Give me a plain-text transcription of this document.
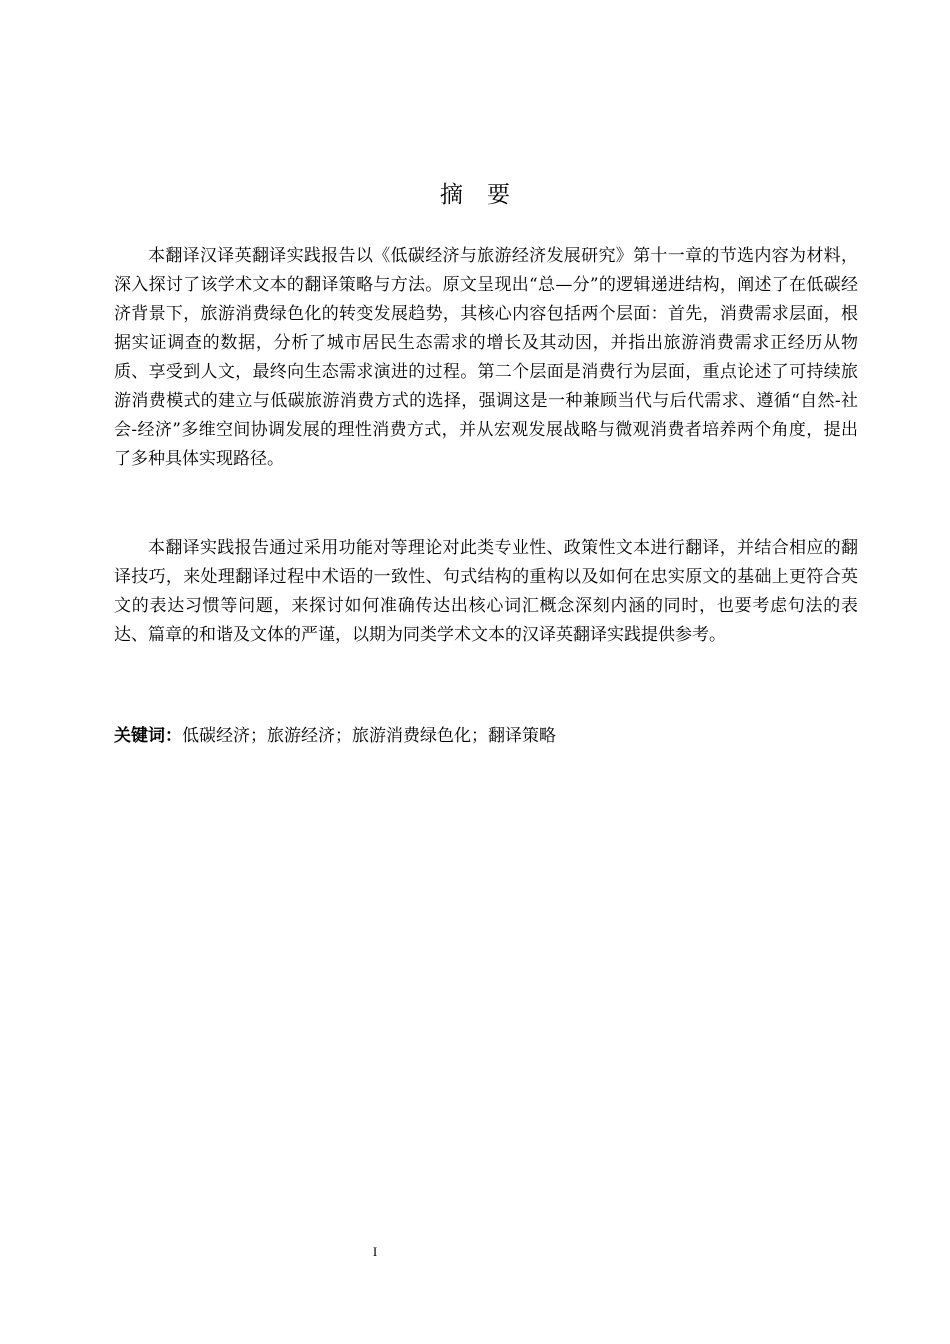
摘要

本翻译汉译英翻译实践报告以《低碳经济与旅游经济发展研究》第十一章的节选内容为材料，深入探讨了该学术文本的翻译策略与方法。原文呈现出“总—分”的逻辑递进结构，阐述了在低碳经济背景下，旅游消费绿色化的转变发展趋势，其核心内容包括两个层面：首先，消费需求层面，根据实证调查的数据，分析了城市居民生态需求的增长及其动因，并指出旅游消费需求正经历从物质、享受到人文，最终向生态需求演进的过程。第二个层面是消费行为层面，重点论述了可持续旅游消费模式的建立与低碳旅游消费方式的选择，强调这是一种兼顾当代与后代需求、遵循“自然-社会-经济”多维空间协调发展的理性消费方式，并从宏观发展战略与微观消费者培养两个角度，提出了多种具体实现路径。

本翻译实践报告通过采用功能对等理论对此类专业性、政策性文本进行翻译，并结合相应的翻译技巧，来处理翻译过程中术语的一致性、句式结构的重构以及如何在忠实原文的基础上更符合英文的表达习惯等问题，来探讨如何准确传达出核心词汇概念深刻内涵的同时，也要考虑句法的表达、篇章的和谐及文体的严谨，以期为同类学术文本的汉译英翻译实践提供参考。

关键词：低碳经济；旅游经济；旅游消费绿色化；翻译策略
I
